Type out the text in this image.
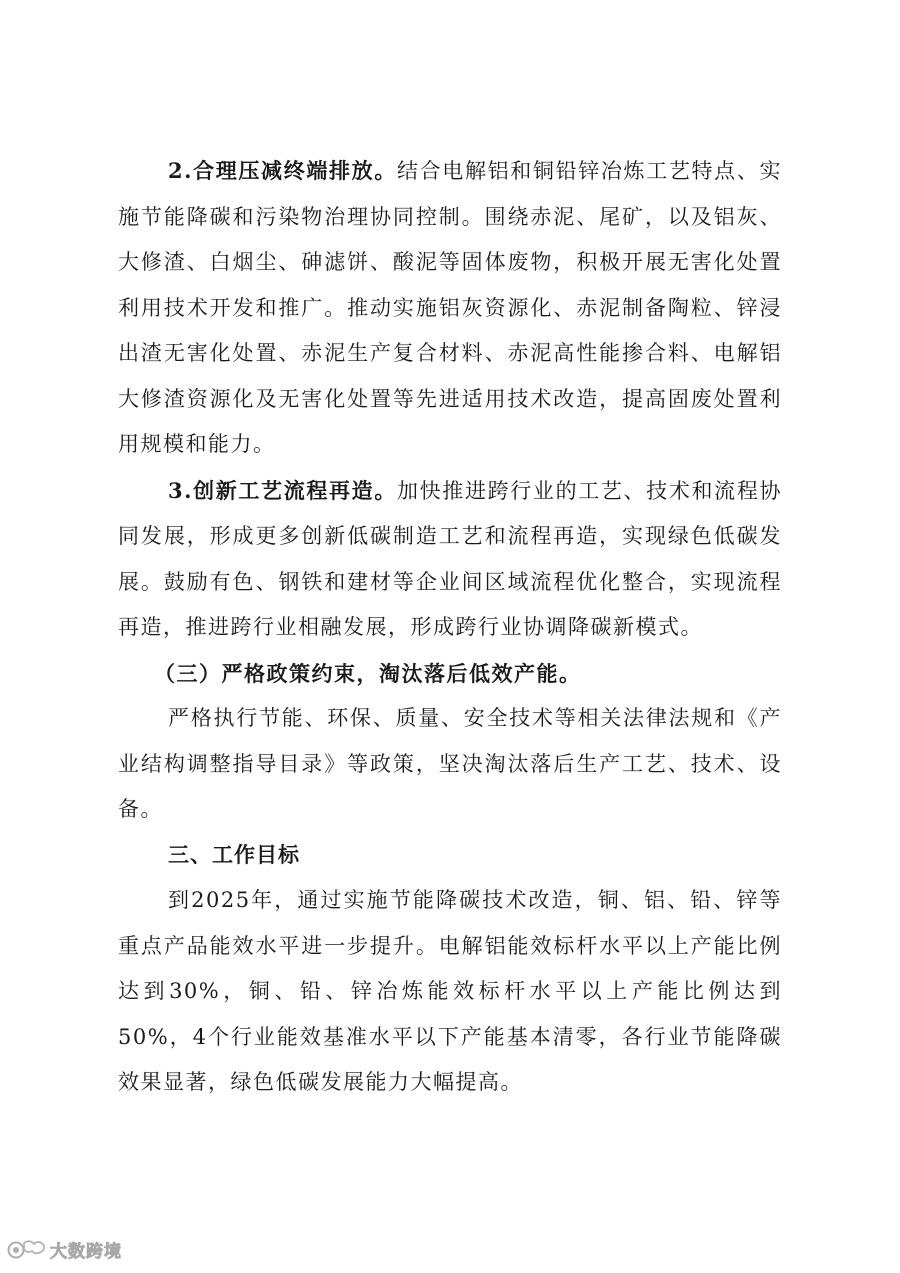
2.合理压减终端排放。结合电解铝和铜铅锌冶炼工艺特点、实施节能降碳和污染物治理协同控制。围绕赤泥、尾矿，以及铝灰、大修渣、白烟尘、砷滤饼、酸泥等固体废物，积极开展无害化处置利用技术开发和推广。推动实施铝灰资源化、赤泥制备陶粒、锌浸出渣无害化处置、赤泥生产复合材料、赤泥高性能掺合料、电解铝大修渣资源化及无害化处置等先进适用技术改造，提高固废处置利用规模和能力。

3.创新工艺流程再造。加快推进跨行业的工艺、技术和流程协同发展，形成更多创新低碳制造工艺和流程再造，实现绿色低碳发展。鼓励有色、钢铁和建材等企业间区域流程优化整合，实现流程再造，推进跨行业相融发展，形成跨行业协调降碳新模式。

（三）严格政策约束，淘汰落后低效产能。

严格执行节能、环保、质量、安全技术等相关法律法规和《产业结构调整指导目录》等政策，坚决淘汰落后生产工艺、技术、设备。

三、工作目标

到2025年，通过实施节能降碳技术改造，铜、铝、铅、锌等重点产品能效水平进一步提升。电解铝能效标杆水平以上产能比例达到30%，铜、铅、锌冶炼能效标杆水平以上产能比例达到50%，4个行业能效基准水平以下产能基本清零，各行业节能降碳效果显著，绿色低碳发展能力大幅提高。

大数跨境
